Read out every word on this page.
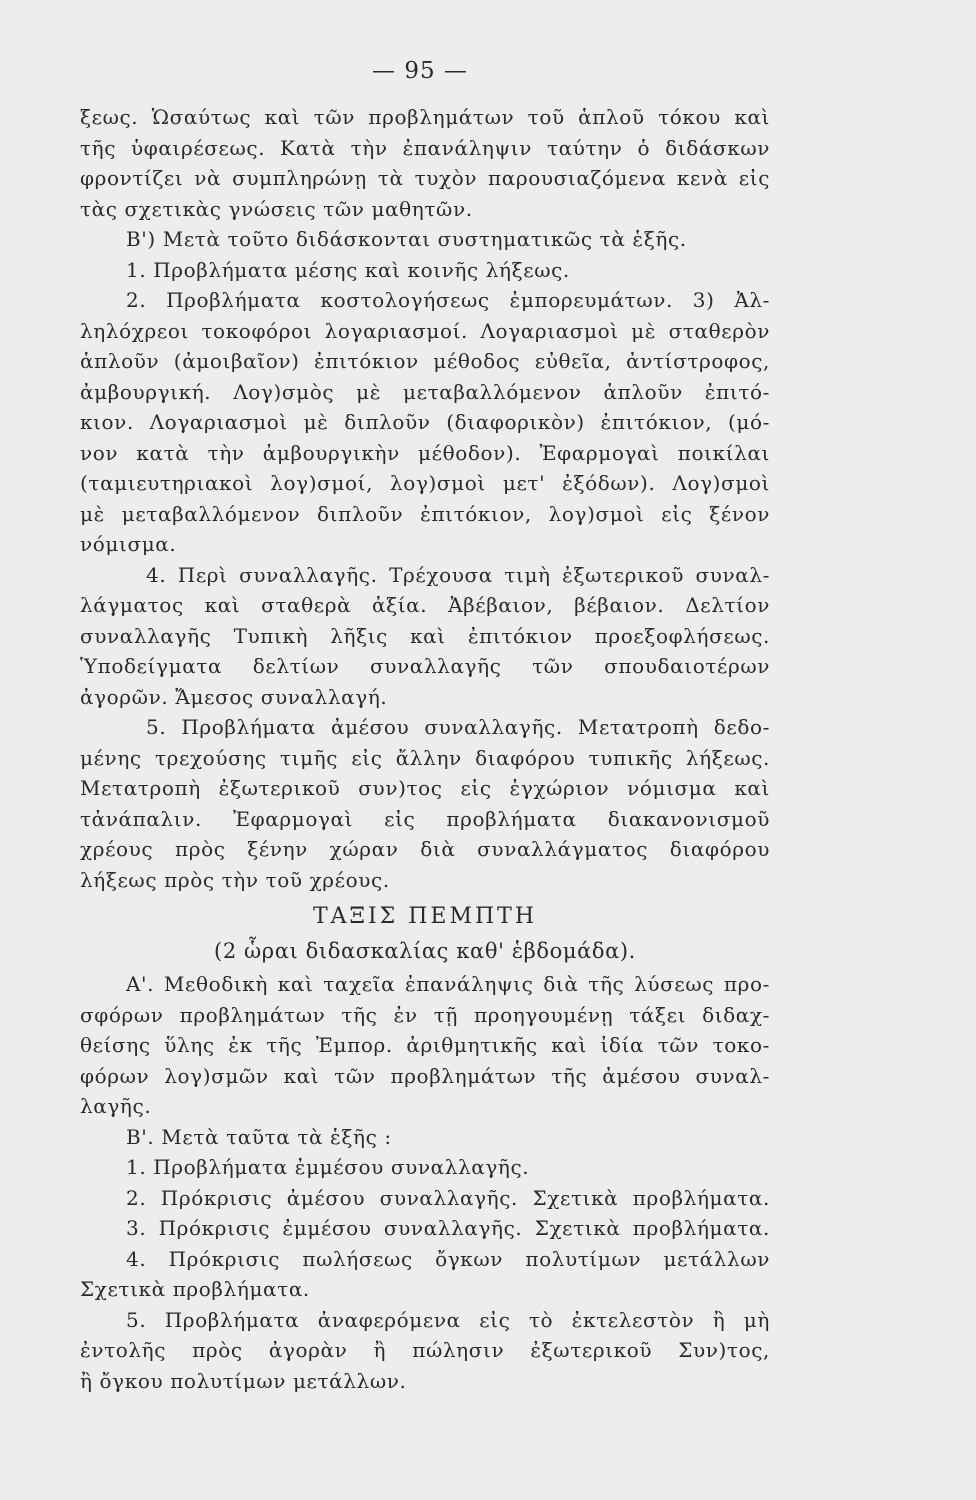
— 95 —
ξεως. Ὡσαύτως καὶ τῶν προβλημάτων τοῦ ἁπλοῦ τόκου καὶ
τῆς ὑφαιρέσεως. Κατὰ τὴν ἐπανάληψιν ταύτην ὁ διδάσκων
φροντίζει νὰ συμπληρώνῃ τὰ τυχὸν παρουσιαζόμενα κενὰ εἰς
τὰς σχετικὰς γνώσεις τῶν μαθητῶν.
B') Μετὰ τοῦτο διδάσκονται συστηματικῶς τὰ ἑξῆς.
1. Προβλήματα μέσης καὶ κοινῆς λήξεως.
2. Προβλήματα κοστολογήσεως ἐμπορευμάτων. 3) Ἀλ-
ληλόχρεοι τοκοφόροι λογαριασμοί. Λογαριασμοὶ μὲ σταθερὸν
ἁπλοῦν (ἀμοιβαῖον) ἐπιτόκιον μέθοδος εὐθεῖα, ἀντίστροφος,
ἀμβουργική. Λογ)σμὸς μὲ μεταβαλλόμενον ἁπλοῦν ἐπιτό-
κιον. Λογαριασμοὶ μὲ διπλοῦν (διαφορικὸν) ἐπιτόκιον, (μό-
νον κατὰ τὴν ἀμβουργικὴν μέθοδον). Ἐφαρμογαὶ ποικίλαι
(ταμιευτηριακοὶ λογ)σμοί, λογ)σμοὶ μετ' ἐξόδων). Λογ)σμοὶ
μὲ μεταβαλλόμενον διπλοῦν ἐπιτόκιον, λογ)σμοὶ εἰς ξένον
νόμισμα.
4. Περὶ συναλλαγῆς. Τρέχουσα τιμὴ ἐξωτερικοῦ συναλ-
λάγματος καὶ σταθερὰ ἀξία. Ἀβέβαιον, βέβαιον. Δελτίον
συναλλαγῆς Τυπικὴ λῆξις καὶ ἐπιτόκιον προεξοφλήσεως.
Ὑποδείγματα δελτίων συναλλαγῆς τῶν σπουδαιοτέρων
ἀγορῶν. Ἄμεσος συναλλαγή.
5. Προβλήματα ἀμέσου συναλλαγῆς. Μετατροπὴ δεδο-
μένης τρεχούσης τιμῆς εἰς ἄλλην διαφόρου τυπικῆς λήξεως.
Μετατροπὴ ἐξωτερικοῦ συν)τος εἰς ἐγχώριον νόμισμα καὶ
τἀνάπαλιν. Ἐφαρμογαὶ εἰς προβλήματα διακανονισμοῦ
χρέους πρὸς ξένην χώραν διὰ συναλλάγματος διαφόρου
λήξεως πρὸς τὴν τοῦ χρέους.
ΤΑΞΙΣ ΠΕΜΠΤΗ
(2 ὧραι διδασκαλίας καθ' ἑβδομάδα).
Α'. Μεθοδικὴ καὶ ταχεῖα ἐπανάληψις διὰ τῆς λύσεως προ-
σφόρων προβλημάτων τῆς ἐν τῇ προηγουμένῃ τάξει διδαχ-
θείσης ὕλης ἐκ τῆς Ἐμπορ. ἀριθμητικῆς καὶ ἰδία τῶν τοκο-
φόρων λογ)σμῶν καὶ τῶν προβλημάτων τῆς ἀμέσου συναλ-
λαγῆς.
Β'. Μετὰ ταῦτα τὰ ἑξῆς :
1. Προβλήματα ἐμμέσου συναλλαγῆς.
2. Πρόκρισις ἀμέσου συναλλαγῆς. Σχετικὰ προβλήματα.
3. Πρόκρισις ἐμμέσου συναλλαγῆς. Σχετικὰ προβλήματα.
4. Πρόκρισις πωλήσεως ὄγκων πολυτίμων μετάλλων
Σχετικὰ προβλήματα.
5. Προβλήματα ἀναφερόμενα εἰς τὸ ἐκτελεστὸν ἢ μὴ
ἐντολῆς πρὸς ἀγορὰν ἢ πώλησιν ἐξωτερικοῦ Συν)τος,
ἢ ὄγκου πολυτίμων μετάλλων.
